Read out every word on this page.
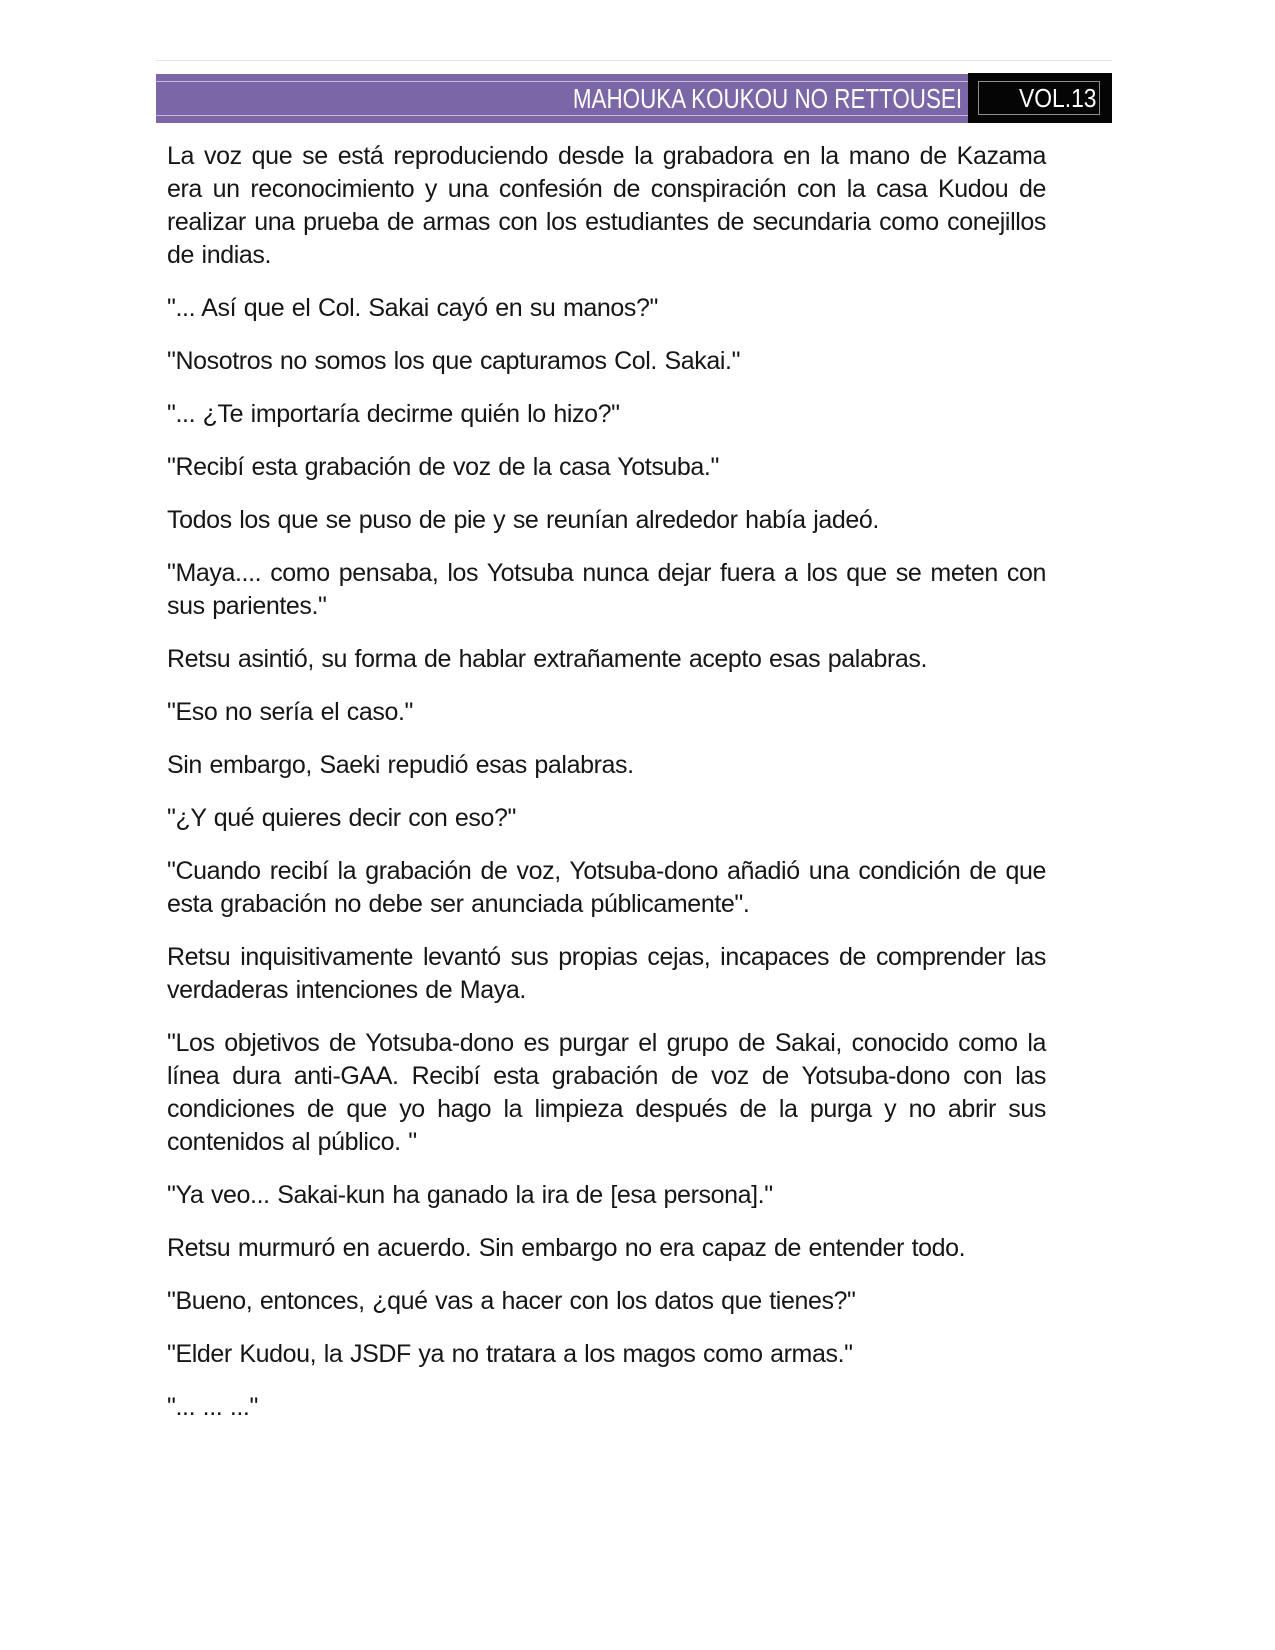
MAHOUKA KOUKOU NO RETTOUSEI VOL.13
La voz que se está reproduciendo desde la grabadora en la mano de Kazama era un reconocimiento y una confesión de conspiración con la casa Kudou de realizar una prueba de armas con los estudiantes de secundaria como conejillos de indias.
"... Así que el Col. Sakai cayó en su manos?"
"Nosotros no somos los que capturamos Col. Sakai."
"... ¿Te importaría decirme quién lo hizo?"
"Recibí esta grabación de voz de la casa Yotsuba."
Todos los que se puso de pie y se reunían alrededor había jadeó.
"Maya.... como pensaba, los Yotsuba nunca dejar fuera a los que se meten con sus parientes."
Retsu asintió, su forma de hablar extrañamente acepto esas palabras.
"Eso no sería el caso."
Sin embargo, Saeki repudió esas palabras.
"¿Y qué quieres decir con eso?"
"Cuando recibí la grabación de voz, Yotsuba-dono añadió una condición de que esta grabación no debe ser anunciada públicamente".
Retsu inquisitivamente levantó sus propias cejas, incapaces de comprender las verdaderas intenciones de Maya.
"Los objetivos de Yotsuba-dono es purgar el grupo de Sakai, conocido como la línea dura anti-GAA. Recibí esta grabación de voz de Yotsuba-dono con las condiciones de que yo hago la limpieza después de la purga y no abrir sus contenidos al público. "
"Ya veo... Sakai-kun ha ganado la ira de [esa persona]."
Retsu murmuró en acuerdo. Sin embargo no era capaz de entender todo.
"Bueno, entonces, ¿qué vas a hacer con los datos que tienes?"
"Elder Kudou, la JSDF ya no tratara a los magos como armas."
"... ... ..."
